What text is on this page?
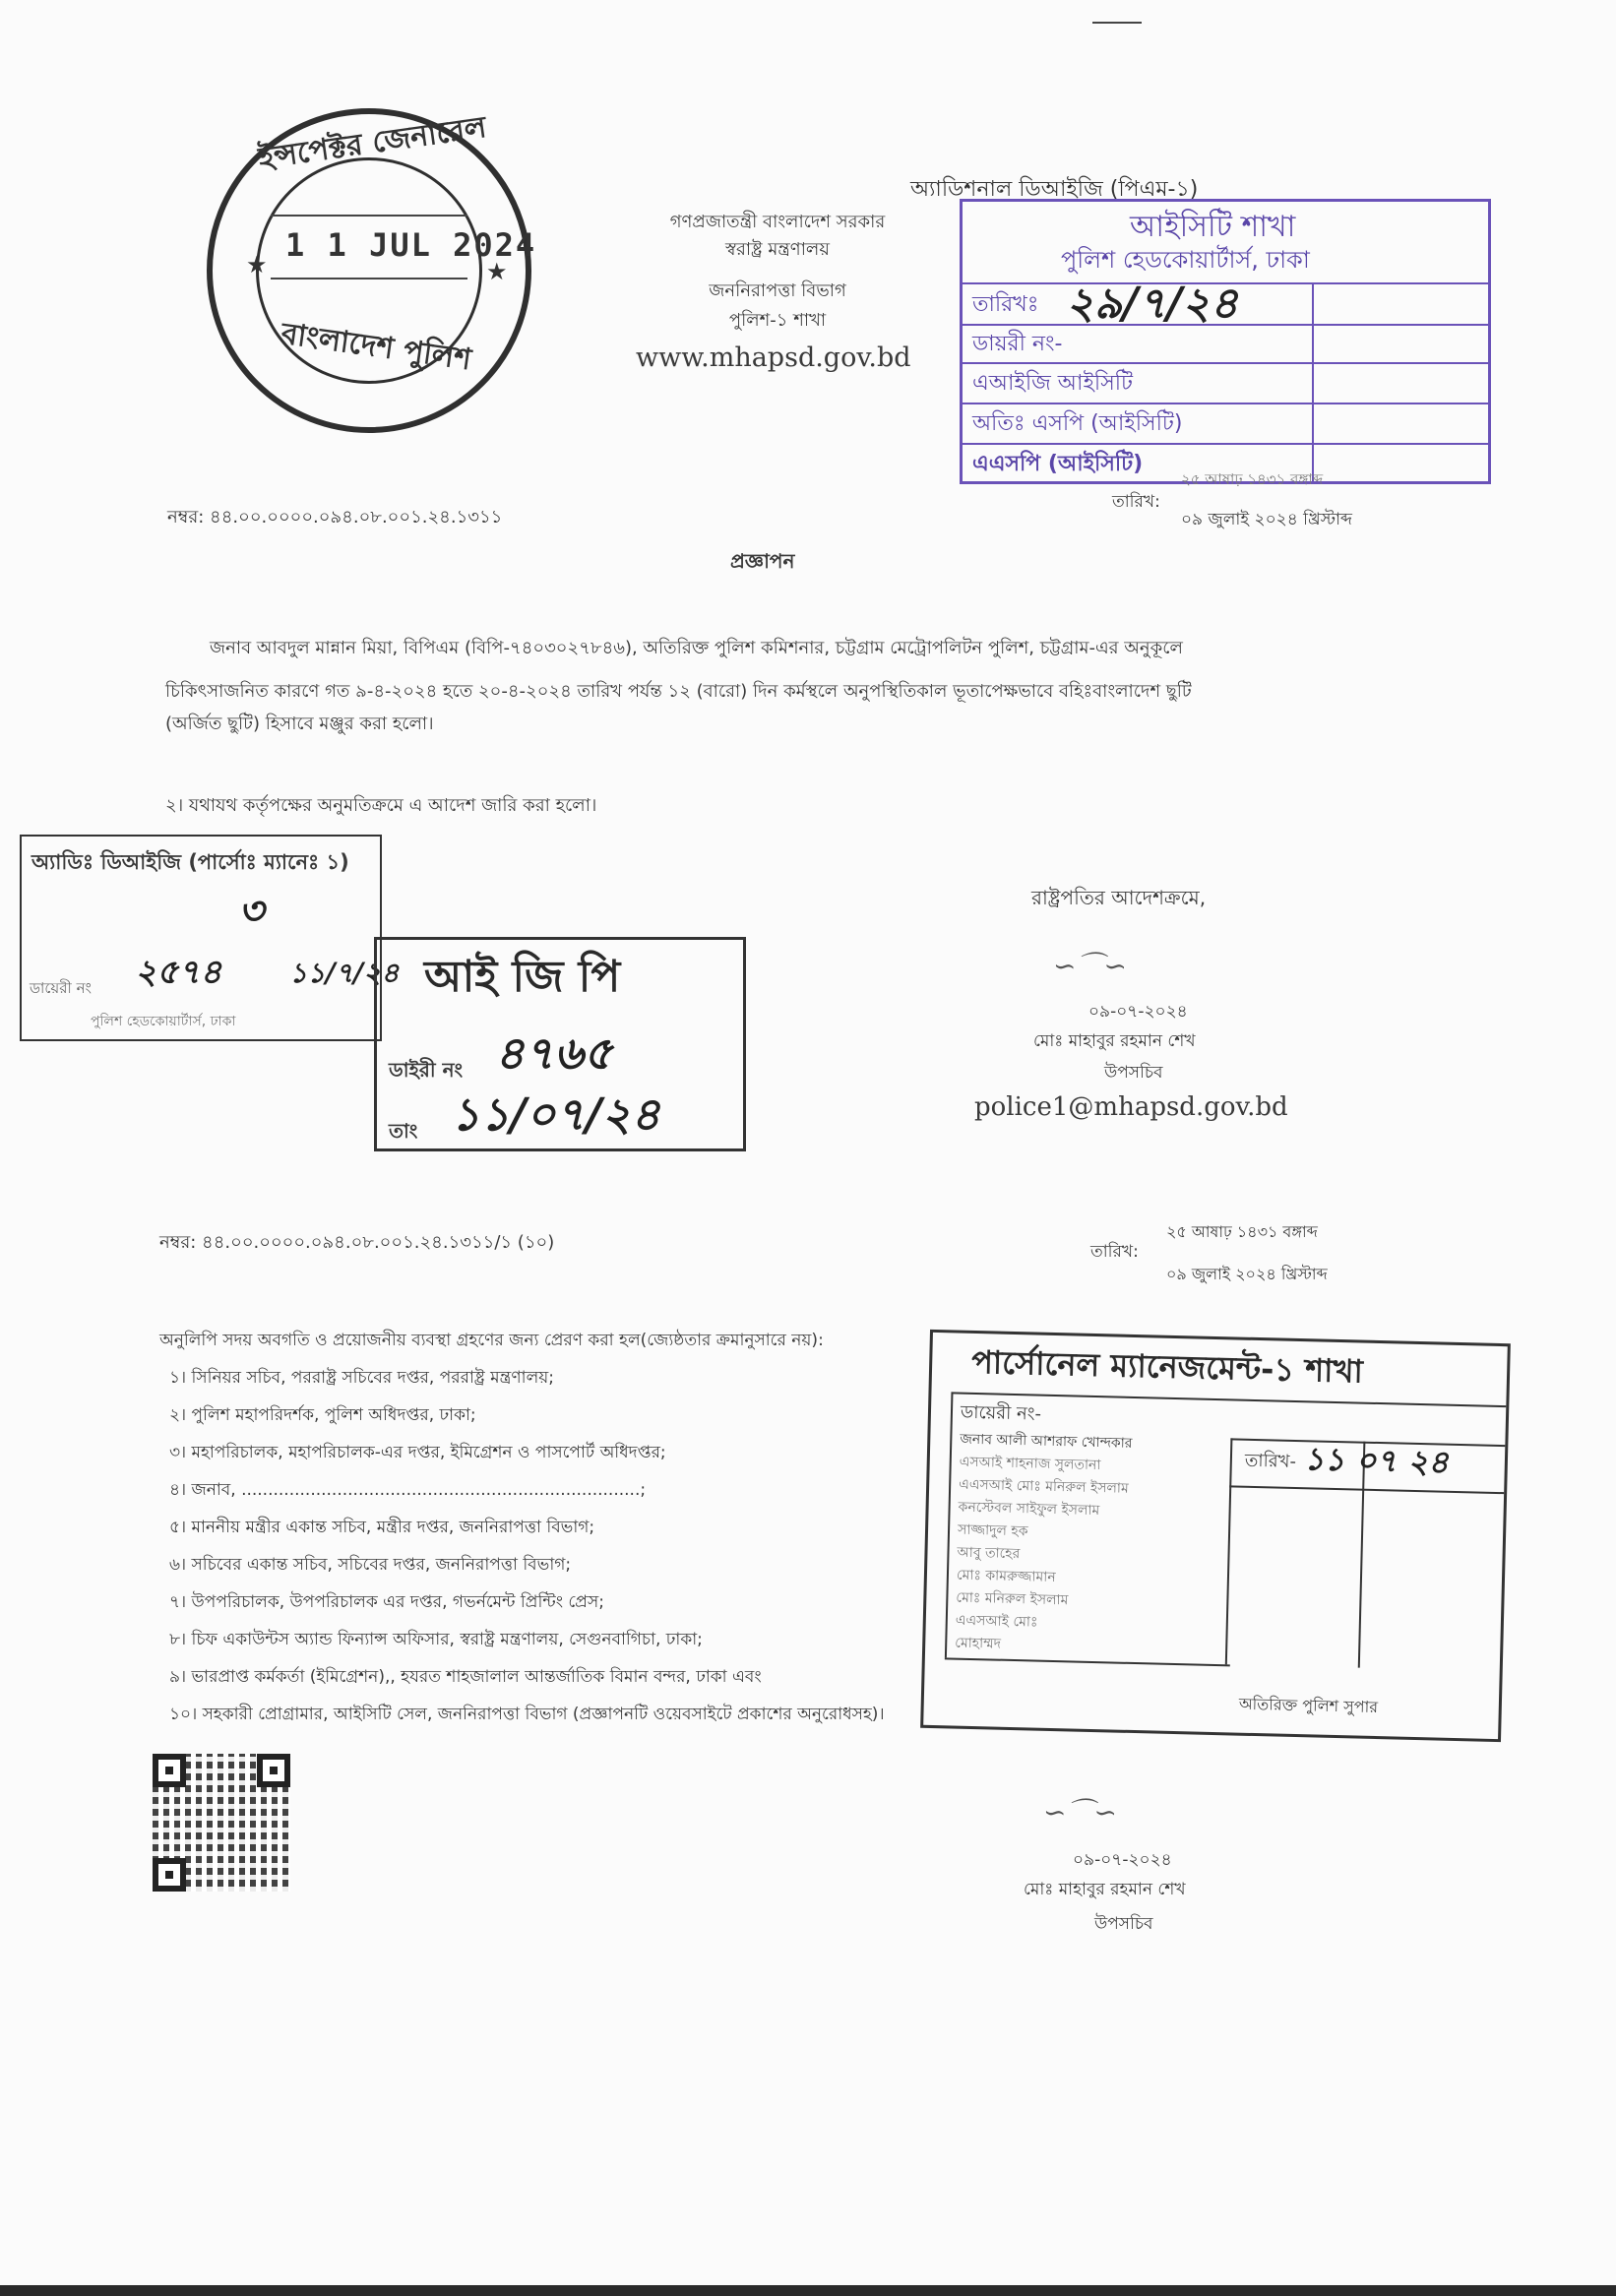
ইন্সপেক্টর জেনারেল
1 1 JUL 2024
★	★
বাংলাদেশ পুলিশ
গণপ্রজাতন্ত্রী বাংলাদেশ সরকার
স্বরাষ্ট্র মন্ত্রণালয়
জননিরাপত্তা বিভাগ
পুলিশ-১ শাখা
www.mhapsd.gov.bd
অ্যাডিশনাল ডিআইজি (পিএম-১)
আইসিটি শাখা
পুলিশ হেডকোয়ার্টার্স, ঢাকা
তারিখঃ ২৯/৭/২৪
ডায়রী নং-
এআইজি আইসিটি
অতিঃ এসপি (আইসিটি)
এএসপি (আইসিটি)
নম্বর: ৪৪.০০.০০০০.০৯৪.০৮.০০১.২৪.১৩১১
২৫ আষাঢ় ১৪৩১ বঙ্গাব্দ
তারিখ:
০৯ জুলাই ২০২৪ খ্রিস্টাব্দ
প্রজ্ঞাপন
জনাব আবদুল মান্নান মিয়া, বিপিএম (বিপি-৭৪০৩০২৭৮৪৬), অতিরিক্ত পুলিশ কমিশনার, চট্টগ্রাম মেট্রোপলিটন পুলিশ, চট্টগ্রাম-এর অনুকূলে
চিকিৎসাজনিত কারণে গত ৯-৪-২০২৪ হতে ২০-৪-২০২৪ তারিখ পর্যন্ত ১২ (বারো) দিন কর্মস্থলে অনুপস্থিতিকাল ভূতাপেক্ষভাবে বহিঃবাংলাদেশ ছুটি
(অর্জিত ছুটি) হিসাবে মঞ্জুর করা হলো।
২। যথাযথ কর্তৃপক্ষের অনুমতিক্রমে এ আদেশ জারি করা হলো।
অ্যাডিঃ ডিআইজি (পার্সোঃ ম্যানেঃ ১)
৩
ডায়েরী নং ২৫৭৪ ১১/৭/২৪
পুলিশ হেডকোয়ার্টার্স, ঢাকা
আই জি পি
ডাইরী নং ৪৭৬৫
তাং ১১/০৭/২৪
রাষ্ট্রপতির আদেশক্রমে,
∽⌒∽
০৯-০৭-২০২৪
মোঃ মাহাবুর রহমান শেখ
উপসচিব
police1@mhapsd.gov.bd
নম্বর: ৪৪.০০.০০০০.০৯৪.০৮.০০১.২৪.১৩১১/১ (১০)
২৫ আষাঢ় ১৪৩১ বঙ্গাব্দ
তারিখ:
০৯ জুলাই ২০২৪ খ্রিস্টাব্দ
অনুলিপি সদয় অবগতি ও প্রয়োজনীয় ব্যবস্থা গ্রহণের জন্য প্রেরণ করা হল(জ্যেষ্ঠতার ক্রমানুসারে নয়):
১। সিনিয়র সচিব, পররাষ্ট্র সচিবের দপ্তর, পররাষ্ট্র মন্ত্রণালয়;
২। পুলিশ মহাপরিদর্শক, পুলিশ অধিদপ্তর, ঢাকা;
৩। মহাপরিচালক, মহাপরিচালক-এর দপ্তর, ইমিগ্রেশন ও পাসপোর্ট অধিদপ্তর;
৪। জনাব, ...........................................................................;
৫। মাননীয় মন্ত্রীর একান্ত সচিব, মন্ত্রীর দপ্তর, জননিরাপত্তা বিভাগ;
৬। সচিবের একান্ত সচিব, সচিবের দপ্তর, জননিরাপত্তা বিভাগ;
৭। উপপরিচালক, উপপরিচালক এর দপ্তর, গভর্নমেন্ট প্রিন্টিং প্রেস;
৮। চিফ একাউন্টস অ্যান্ড ফিন্যান্স অফিসার, স্বরাষ্ট্র মন্ত্রণালয়, সেগুনবাগিচা, ঢাকা;
৯। ভারপ্রাপ্ত কর্মকর্তা (ইমিগ্রেশন),, হযরত শাহজালাল আন্তর্জাতিক বিমান বন্দর, ঢাকা এবং
১০। সহকারী প্রোগ্রামার, আইসিটি সেল, জননিরাপত্তা বিভাগ (প্রজ্ঞাপনটি ওয়েবসাইটে প্রকাশের অনুরোধসহ)।
পার্সোনেল ম্যানেজমেন্ট-১ শাখা
ডায়েরী নং-
তারিখ- ১১ ০৭ ২৪
জনাব আলী আশরাফ খোন্দকার
এসআই শাহনাজ সুলতানা
এএসআই মোঃ মনিরুল ইসলাম
কনস্টেবল সাইফুল ইসলাম
সাজ্জাদুল হক
আবু তাহের
মোঃ কামরুজ্জামান
মোঃ মনিরুল ইসলাম
এএসআই মোঃ
মোহাম্মদ
অতিরিক্ত পুলিশ সুপার
∽⌒∽
০৯-০৭-২০২৪
মোঃ মাহাবুর রহমান শেখ
উপসচিব
